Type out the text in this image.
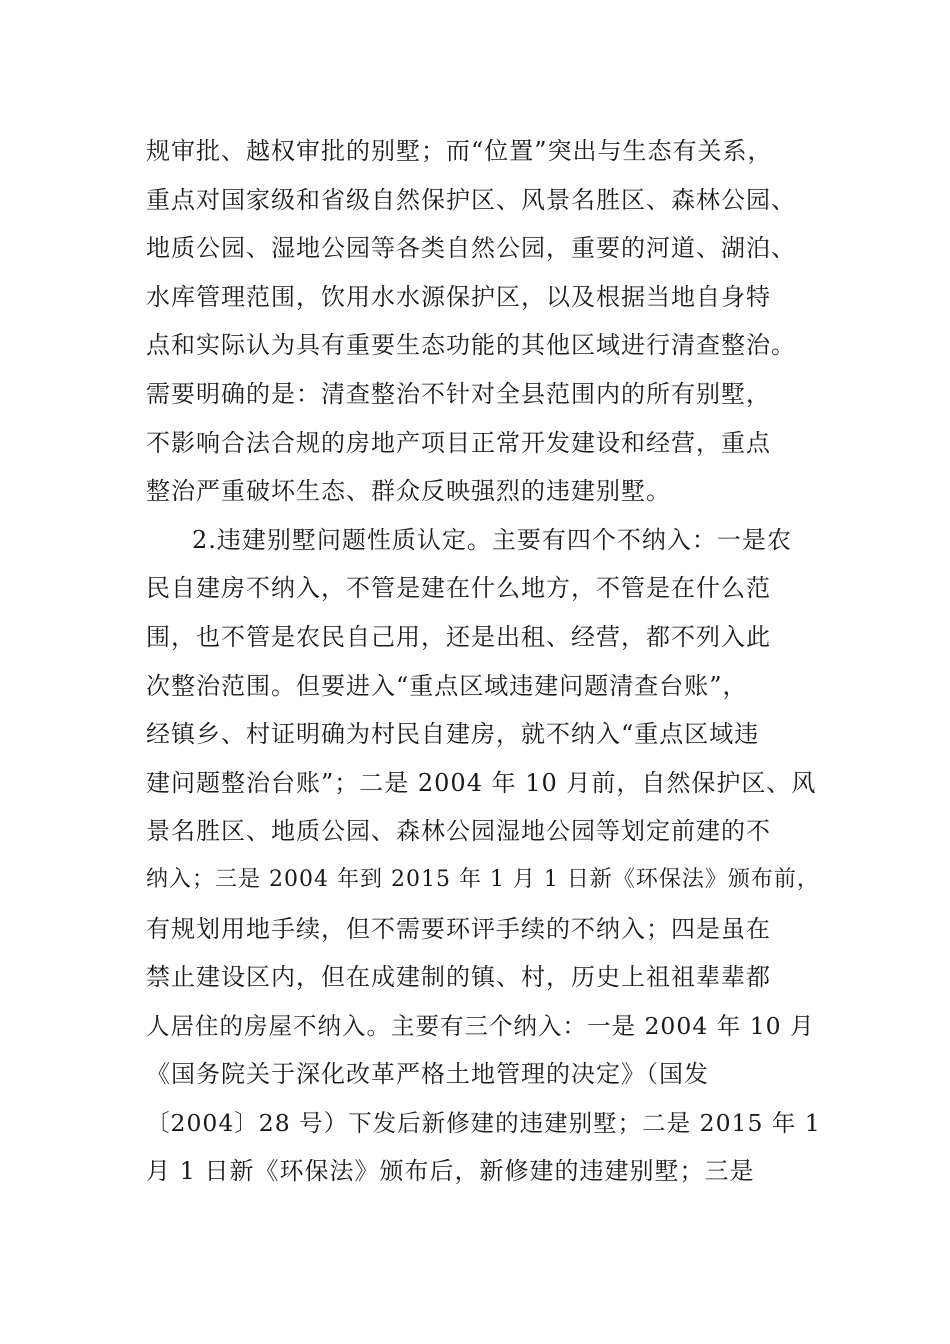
规审批、越权审批的别墅；而“位置”突出与生态有关系，
重点对国家级和省级自然保护区、风景名胜区、森林公园、
地质公园、湿地公园等各类自然公园，重要的河道、湖泊、
水库管理范围，饮用水水源保护区，以及根据当地自身特
点和实际认为具有重要生态功能的其他区域进行清查整治。
需要明确的是：清查整治不针对全县范围内的所有别墅，
不影响合法合规的房地产项目正常开发建设和经营，重点
整治严重破坏生态、群众反映强烈的违建别墅。
2.违建别墅问题性质认定。主要有四个不纳入：一是农
民自建房不纳入，不管是建在什么地方，不管是在什么范
围，也不管是农民自己用，还是出租、经营，都不列入此
次整治范围。但要进入“重点区域违建问题清查台账”，
经镇乡、村证明确为村民自建房，就不纳入“重点区域违
建问题整治台账”；二是 2004 年 10 月前，自然保护区、风
景名胜区、地质公园、森林公园湿地公园等划定前建的不
纳入；三是 2004 年到 2015 年 1 月 1 日新《环保法》颁布前，
有规划用地手续，但不需要环评手续的不纳入；四是虽在
禁止建设区内，但在成建制的镇、村，历史上祖祖辈辈都
人居住的房屋不纳入。主要有三个纳入：一是 2004 年 10 月
《国务院关于深化改革严格土地管理的决定》（国发
〔2004〕28 号）下发后新修建的违建别墅；二是 2015 年 1
月 1 日新《环保法》颁布后，新修建的违建别墅；三是
